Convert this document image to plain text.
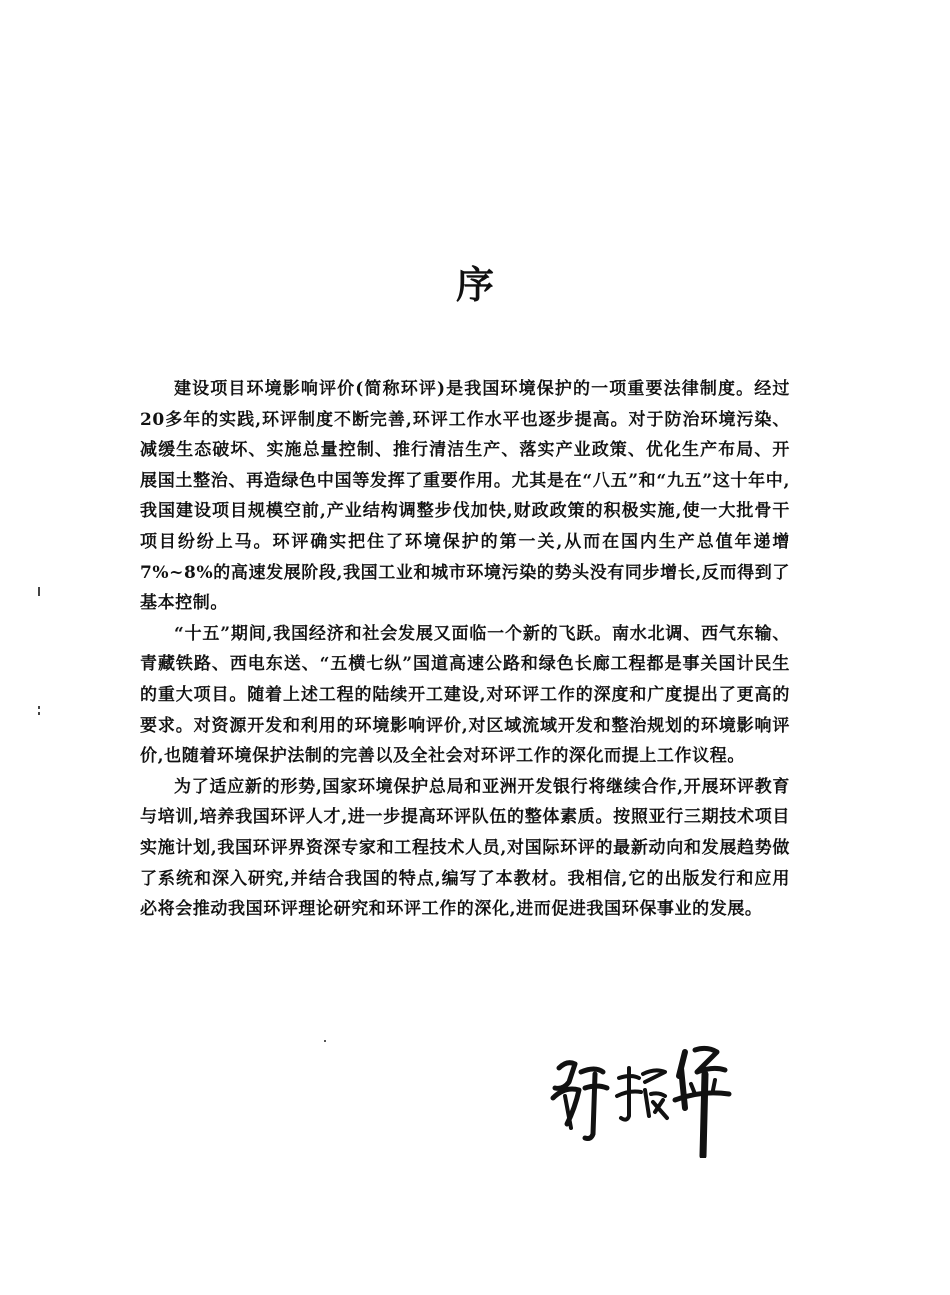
序

建设项目环境影响评价(简称环评)是我国环境保护的一项重要法律制度。经过20多年的实践,环评制度不断完善,环评工作水平也逐步提高。对于防治环境污染、减缓生态破坏、实施总量控制、推行清洁生产、落实产业政策、优化生产布局、开展国土整治、再造绿色中国等发挥了重要作用。尤其是在“八五”和“九五”这十年中,我国建设项目规模空前,产业结构调整步伐加快,财政政策的积极实施,使一大批骨干项目纷纷上马。环评确实把住了环境保护的第一关,从而在国内生产总值年递增7%~8%的高速发展阶段,我国工业和城市环境污染的势头没有同步增长,反而得到了基本控制。

“十五”期间,我国经济和社会发展又面临一个新的飞跃。南水北调、西气东输、青藏铁路、西电东送、“五横七纵”国道高速公路和绿色长廊工程都是事关国计民生的重大项目。随着上述工程的陆续开工建设,对环评工作的深度和广度提出了更高的要求。对资源开发和利用的环境影响评价,对区域流域开发和整治规划的环境影响评价,也随着环境保护法制的完善以及全社会对环评工作的深化而提上工作议程。

为了适应新的形势,国家环境保护总局和亚洲开发银行将继续合作,开展环评教育与培训,培养我国环评人才,进一步提高环评队伍的整体素质。按照亚行三期技术项目实施计划,我国环评界资深专家和工程技术人员,对国际环评的最新动向和发展趋势做了系统和深入研究,并结合我国的特点,编写了本教材。我相信,它的出版发行和应用必将会推动我国环评理论研究和环评工作的深化,进而促进我国环保事业的发展。
